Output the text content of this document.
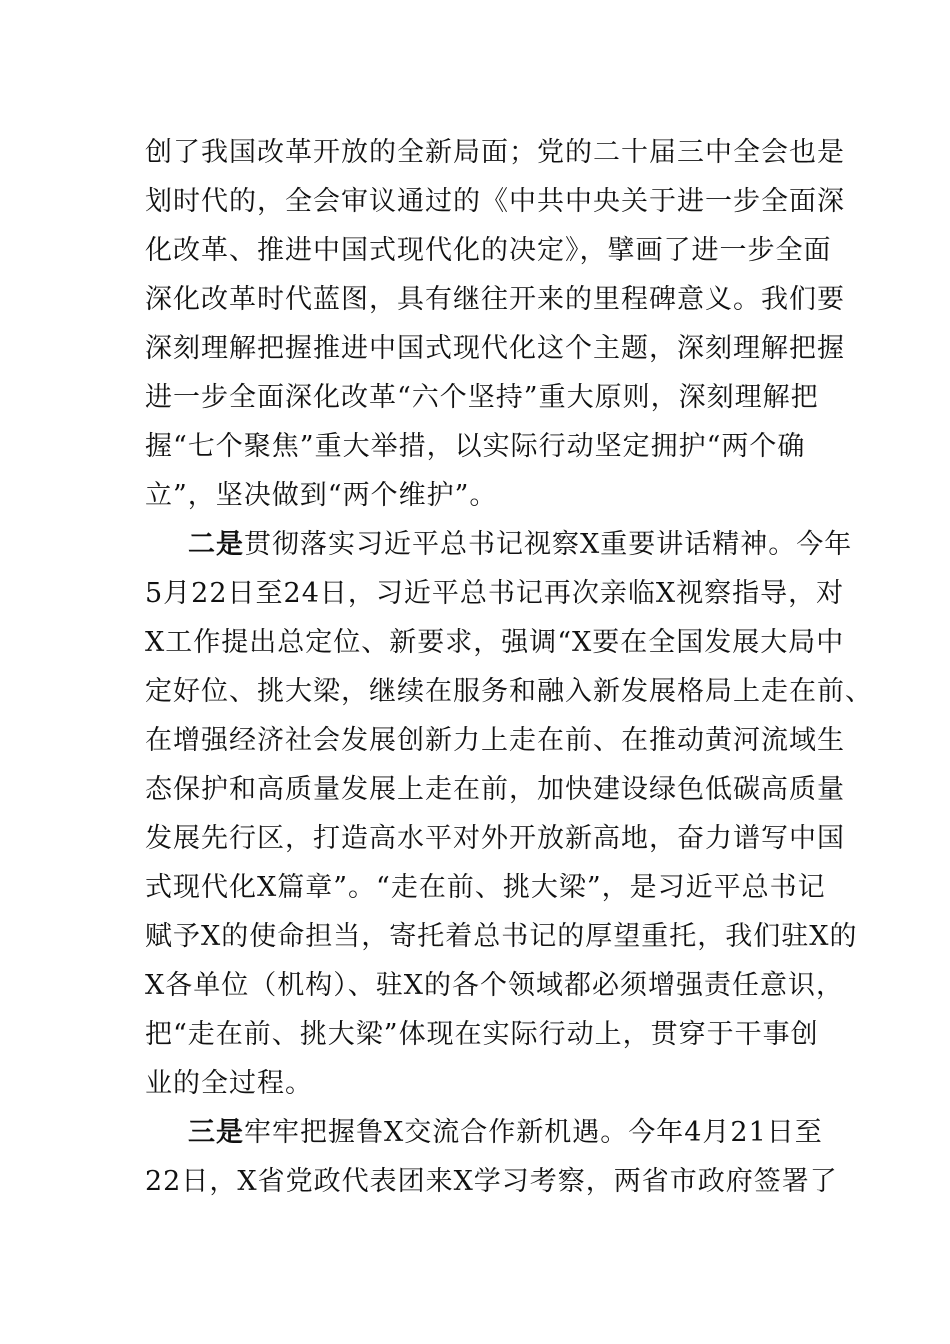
创了我国改革开放的全新局面；党的二十届三中全会也是
划时代的，全会审议通过的《中共中央关于进一步全面深
化改革、推进中国式现代化的决定》，擘画了进一步全面
深化改革时代蓝图，具有继往开来的里程碑意义。我们要
深刻理解把握推进中国式现代化这个主题，深刻理解把握
进一步全面深化改革“六个坚持”重大原则，深刻理解把
握“七个聚焦”重大举措，以实际行动坚定拥护“两个确
立”，坚决做到“两个维护”。
二是贯彻落实习近平总书记视察X重要讲话精神。今年
5月22日至24日，习近平总书记再次亲临X视察指导，对
X工作提出总定位、新要求，强调“X要在全国发展大局中
定好位、挑大梁，继续在服务和融入新发展格局上走在前、
在增强经济社会发展创新力上走在前、在推动黄河流域生
态保护和高质量发展上走在前，加快建设绿色低碳高质量
发展先行区，打造高水平对外开放新高地，奋力谱写中国
式现代化X篇章”。“走在前、挑大梁”，是习近平总书记
赋予X的使命担当，寄托着总书记的厚望重托，我们驻X的
X各单位（机构）、驻X的各个领域都必须增强责任意识，
把“走在前、挑大梁”体现在实际行动上，贯穿于干事创
业的全过程。
三是牢牢把握鲁X交流合作新机遇。今年4月21日至
22日，X省党政代表团来X学习考察，两省市政府签署了
